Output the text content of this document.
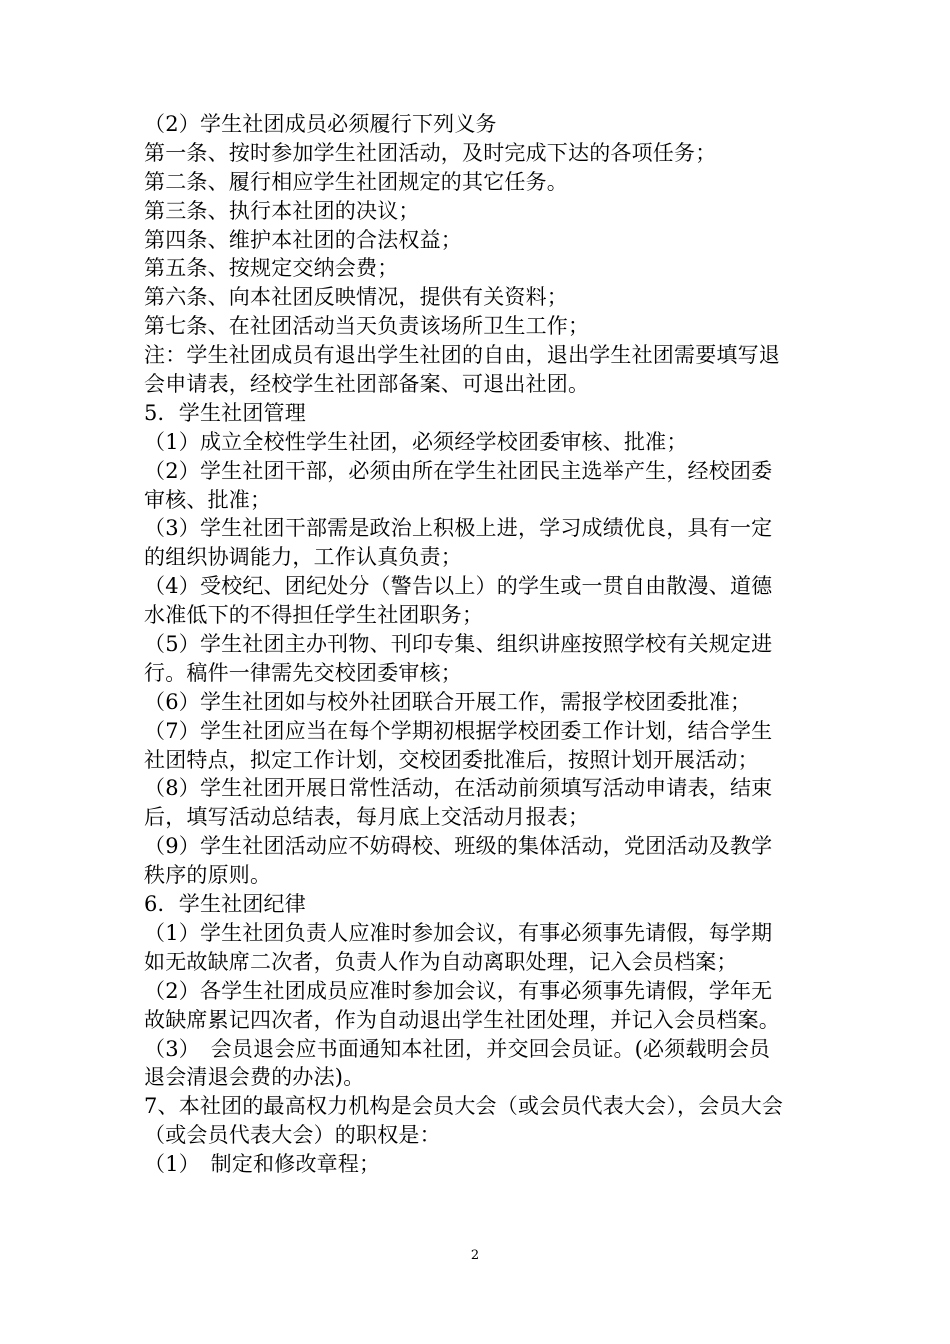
（2）学生社团成员必须履行下列义务
第一条、按时参加学生社团活动，及时完成下达的各项任务；
第二条、履行相应学生社团规定的其它任务。
第三条、执行本社团的决议；
第四条、维护本社团的合法权益；
第五条、按规定交纳会费；
第六条、向本社团反映情况，提供有关资料；
第七条、在社团活动当天负责该场所卫生工作；
注：学生社团成员有退出学生社团的自由，退出学生社团需要填写退
会申请表，经校学生社团部备案、可退出社团。
5．学生社团管理
（1）成立全校性学生社团，必须经学校团委审核、批准；
（2）学生社团干部，必须由所在学生社团民主选举产生，经校团委
审核、批准；
（3）学生社团干部需是政治上积极上进，学习成绩优良，具有一定
的组织协调能力，工作认真负责；
（4）受校纪、团纪处分（警告以上）的学生或一贯自由散漫、道德
水准低下的不得担任学生社团职务；
（5）学生社团主办刊物、刊印专集、组织讲座按照学校有关规定进
行。稿件一律需先交校团委审核；
（6）学生社团如与校外社团联合开展工作，需报学校团委批准；
（7）学生社团应当在每个学期初根据学校团委工作计划，结合学生
社团特点，拟定工作计划，交校团委批准后，按照计划开展活动；
（8）学生社团开展日常性活动，在活动前须填写活动申请表，结束
后，填写活动总结表，每月底上交活动月报表；
（9）学生社团活动应不妨碍校、班级的集体活动，党团活动及教学
秩序的原则。
6．学生社团纪律
（1）学生社团负责人应准时参加会议，有事必须事先请假，每学期
如无故缺席二次者，负责人作为自动离职处理，记入会员档案；
（2）各学生社团成员应准时参加会议，有事必须事先请假，学年无
故缺席累记四次者，作为自动退出学生社团处理，并记入会员档案。
（3）　会员退会应书面通知本社团，并交回会员证。(必须载明会员
退会清退会费的办法)。
7、本社团的最高权力机构是会员大会（或会员代表大会），会员大会
（或会员代表大会）的职权是：
（1）　制定和修改章程；
2
